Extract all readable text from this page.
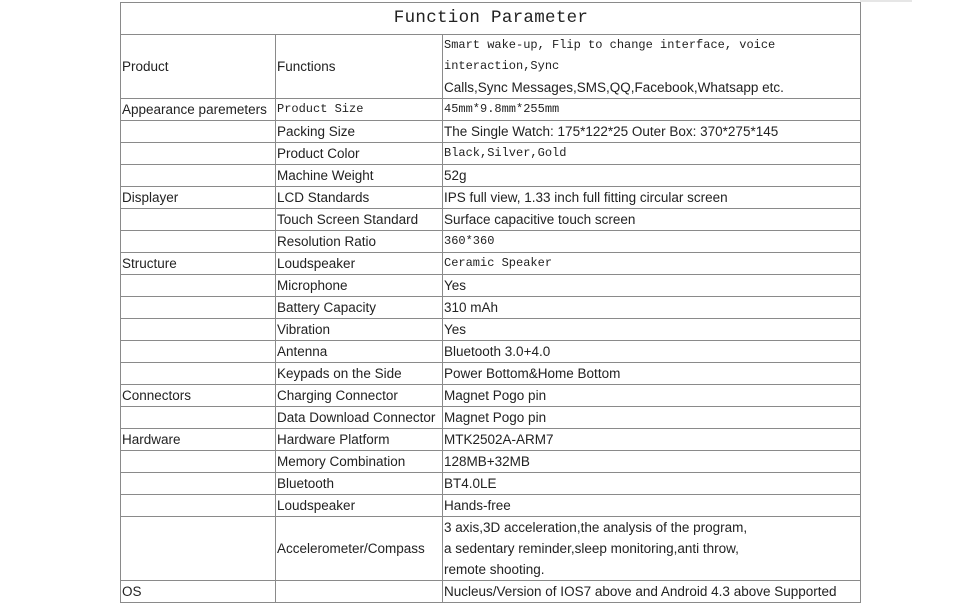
Function Parameter		
Product	Functions	Smart wake-up, Flip to change interface, voice interaction,Sync
Calls,Sync Messages,SMS,QQ,Facebook,Whatsapp etc.

Appearance paremeters	Product Size	45mm*9.8mm*255mm
	Packing Size	The Single Watch: 175*122*25 Outer Box: 370*275*145
	Product Color	Black,Silver,Gold
	Machine Weight	52g
Displayer	LCD Standards	IPS full view, 1.33 inch full fitting circular screen
	Touch Screen Standard	Surface capacitive touch screen
	Resolution Ratio	360*360
Structure	Loudspeaker	Ceramic Speaker
	Microphone	Yes
	Battery Capacity	310 mAh
	Vibration	Yes
	Antenna	Bluetooth 3.0+4.0
	Keypads on the Side	Power Bottom&Home Bottom
Connectors	Charging Connector	Magnet Pogo pin
	Data Download Connector	Magnet Pogo pin
Hardware	Hardware Platform	MTK2502A-ARM7
	Memory Combination	128MB+32MB
	Bluetooth	BT4.0LE
	Loudspeaker	Hands-free
	Accelerometer/Compass	3 axis,3D acceleration,the analysis of the program,
a sedentary reminder,sleep monitoring,anti throw,
remote shooting.

OS		Nucleus/Version of IOS7 above and Android 4.3 above Supported
